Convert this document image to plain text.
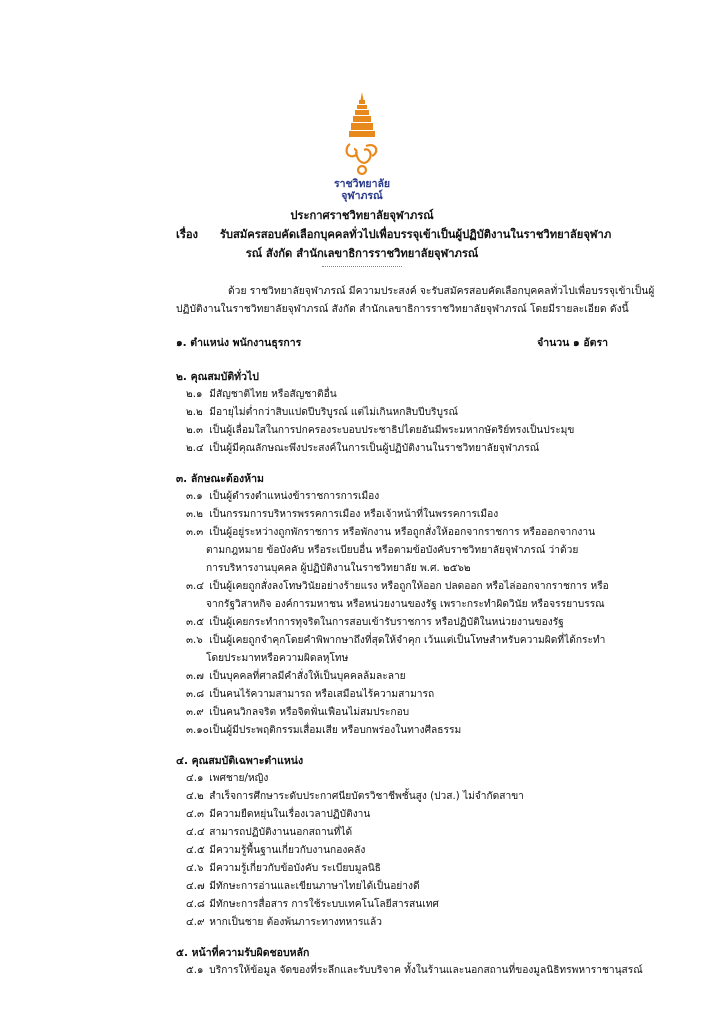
ราชวิทยาลัย
จุฬาภรณ์
ประกาศราชวิทยาลัยจุฬาภรณ์
เรื่อง รับสมัครสอบคัดเลือกบุคคลทั่วไปเพื่อบรรจุเข้าเป็นผู้ปฏิบัติงานในราชวิทยาลัยจุฬาภ
รณ์ สังกัด สำนักเลขาธิการราชวิทยาลัยจุฬาภรณ์
ด้วย ราชวิทยาลัยจุฬาภรณ์ มีความประสงค์ จะรับสมัครสอบคัดเลือกบุคคลทั่วไปเพื่อบรรจุเข้าเป็นผู้
ปฏิบัติงานในราชวิทยาลัยจุฬาภรณ์ สังกัด สำนักเลขาธิการราชวิทยาลัยจุฬาภรณ์ โดยมีรายละเอียด ดังนี้
๑. ตำแหน่ง พนักงานธุรการ	จำนวน ๑ อัตรา
๒. คุณสมบัติทั่วไป
๒.๑ มีสัญชาติไทย หรือสัญชาติอื่น
๒.๒ มีอายุไม่ต่ำกว่าสิบแปดปีบริบูรณ์ แต่ไม่เกินหกสิบปีบริบูรณ์
๒.๓ เป็นผู้เลื่อมใสในการปกครองระบอบประชาธิปไตยอันมีพระมหากษัตริย์ทรงเป็นประมุข
๒.๔ เป็นผู้มีคุณลักษณะพึงประสงค์ในการเป็นผู้ปฏิบัติงานในราชวิทยาลัยจุฬาภรณ์
๓. ลักษณะต้องห้าม
๓.๑ เป็นผู้ดำรงตำแหน่งข้าราชการการเมือง
๓.๒ เป็นกรรมการบริหารพรรคการเมือง หรือเจ้าหน้าที่ในพรรคการเมือง
๓.๓ เป็นผู้อยู่ระหว่างถูกพักราชการ หรือพักงาน หรือถูกสั่งให้ออกจากราชการ หรือออกจากงาน
ตามกฎหมาย ข้อบังคับ หรือระเบียบอื่น หรือตามข้อบังคับราชวิทยาลัยจุฬาภรณ์ ว่าด้วย
การบริหารงานบุคคล ผู้ปฏิบัติงานในราชวิทยาลัย พ.ศ. ๒๕๖๒
๓.๔ เป็นผู้เคยถูกสั่งลงโทษวินัยอย่างร้ายแรง หรือถูกให้ออก ปลดออก หรือไล่ออกจากราชการ หรือ
จากรัฐวิสาหกิจ องค์การมหาชน หรือหน่วยงานของรัฐ เพราะกระทำผิดวินัย หรือจรรยาบรรณ
๓.๕ เป็นผู้เคยกระทำการทุจริตในการสอบเข้ารับราชการ หรือปฏิบัติในหน่วยงานของรัฐ
๓.๖ เป็นผู้เคยถูกจำคุกโดยคำพิพากษาถึงที่สุดให้จำคุก เว้นแต่เป็นโทษสำหรับความผิดที่ได้กระทำ
โดยประมาทหรือความผิดลหุโทษ
๓.๗ เป็นบุคคลที่ศาลมีคำสั่งให้เป็นบุคคลล้มละลาย
๓.๘ เป็นคนไร้ความสามารถ หรือเสมือนไร้ความสามารถ
๓.๙ เป็นคนวิกลจริต หรือจิตฟั่นเฟือนไม่สมประกอบ
๓.๑๐ เป็นผู้มีประพฤติกรรมเสื่อมเสีย หรือบกพร่องในทางศีลธรรม
๔. คุณสมบัติเฉพาะตำแหน่ง
๔.๑ เพศชาย/หญิง
๔.๒ สำเร็จการศึกษาระดับประกาศนียบัตรวิชาชีพชั้นสูง (ปวส.) ไม่จำกัดสาขา
๔.๓ มีความยืดหยุ่นในเรื่องเวลาปฏิบัติงาน
๔.๔ สามารถปฏิบัติงานนอกสถานที่ได้
๔.๕ มีความรู้พื้นฐานเกี่ยวกับงานกองคลัง
๔.๖ มีความรู้เกี่ยวกับข้อบังคับ ระเบียบมูลนิธิ
๔.๗ มีทักษะการอ่านและเขียนภาษาไทยได้เป็นอย่างดี
๔.๘ มีทักษะการสื่อสาร การใช้ระบบเทคโนโลยีสารสนเทศ
๔.๙ หากเป็นชาย ต้องพ้นภาระทางทหารแล้ว
๕. หน้าที่ความรับผิดชอบหลัก
๕.๑ บริการให้ข้อมูล จัดของที่ระลึกและรับบริจาค ทั้งในร้านและนอกสถานที่ของมูลนิธิทรพหาราชานุสรณ์
